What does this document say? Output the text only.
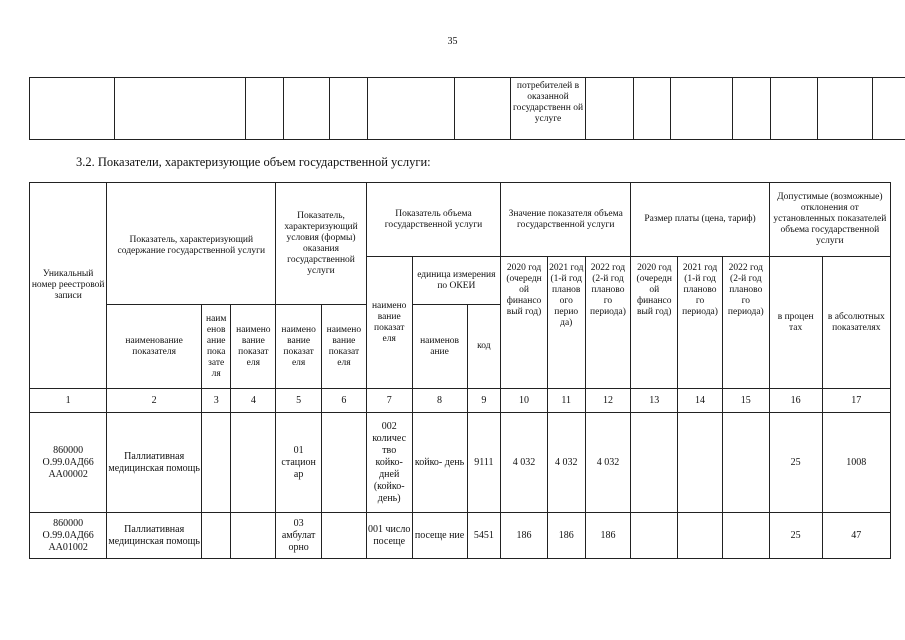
35
							потребителей в оказанной государственн ой услуге							
3.2. Показатели, характеризующие объем государственной услуги:
Уникальный номер реестровой записи	Показатель, характеризующий содержание государственной услуги			Показатель, характеризующий условия (формы) оказания государственной услуги		Показатель объема государственной услуги			Значение показателя объема государственной услуги			Размер платы (цена, тариф)			Допустимые (возможные) отклонения от установленных показателей объема государственной услуги	
						наимено вание показат еля	единица измерения по ОКЕИ		2020 год (очередн ой финансо вый год)	2021 год (1-й год планов ого перио да)	2022 год (2-й год планово го периода)	2020 год (очередн ой финансо вый год)	2021 год (1-й год планово го периода)	2022 год (2-й год планово го периода)	в процен тах	в абсолютных показателях
	наименование показателя	наим енов ание пока зате ля	наимено вание показат еля	наимено вание показат еля	наимено вание показат еля		наименов ание	код								
1	2	3	4	5	6	7	8	9	10	11	12	13	14	15	16	17
860000 О.99.0АД66 АА00002	Паллиативная медицинская помощь			01 стацион ар		002 количес тво койко- дней (койко- день)	койко- день	9111	4 032	4 032	4 032				25	1008
860000 О.99.0АД66 АА01002	Паллиативная медицинская помощь			03 амбулат орно		001 число посеще	посеще ние	5451	186	186	186				25	47
